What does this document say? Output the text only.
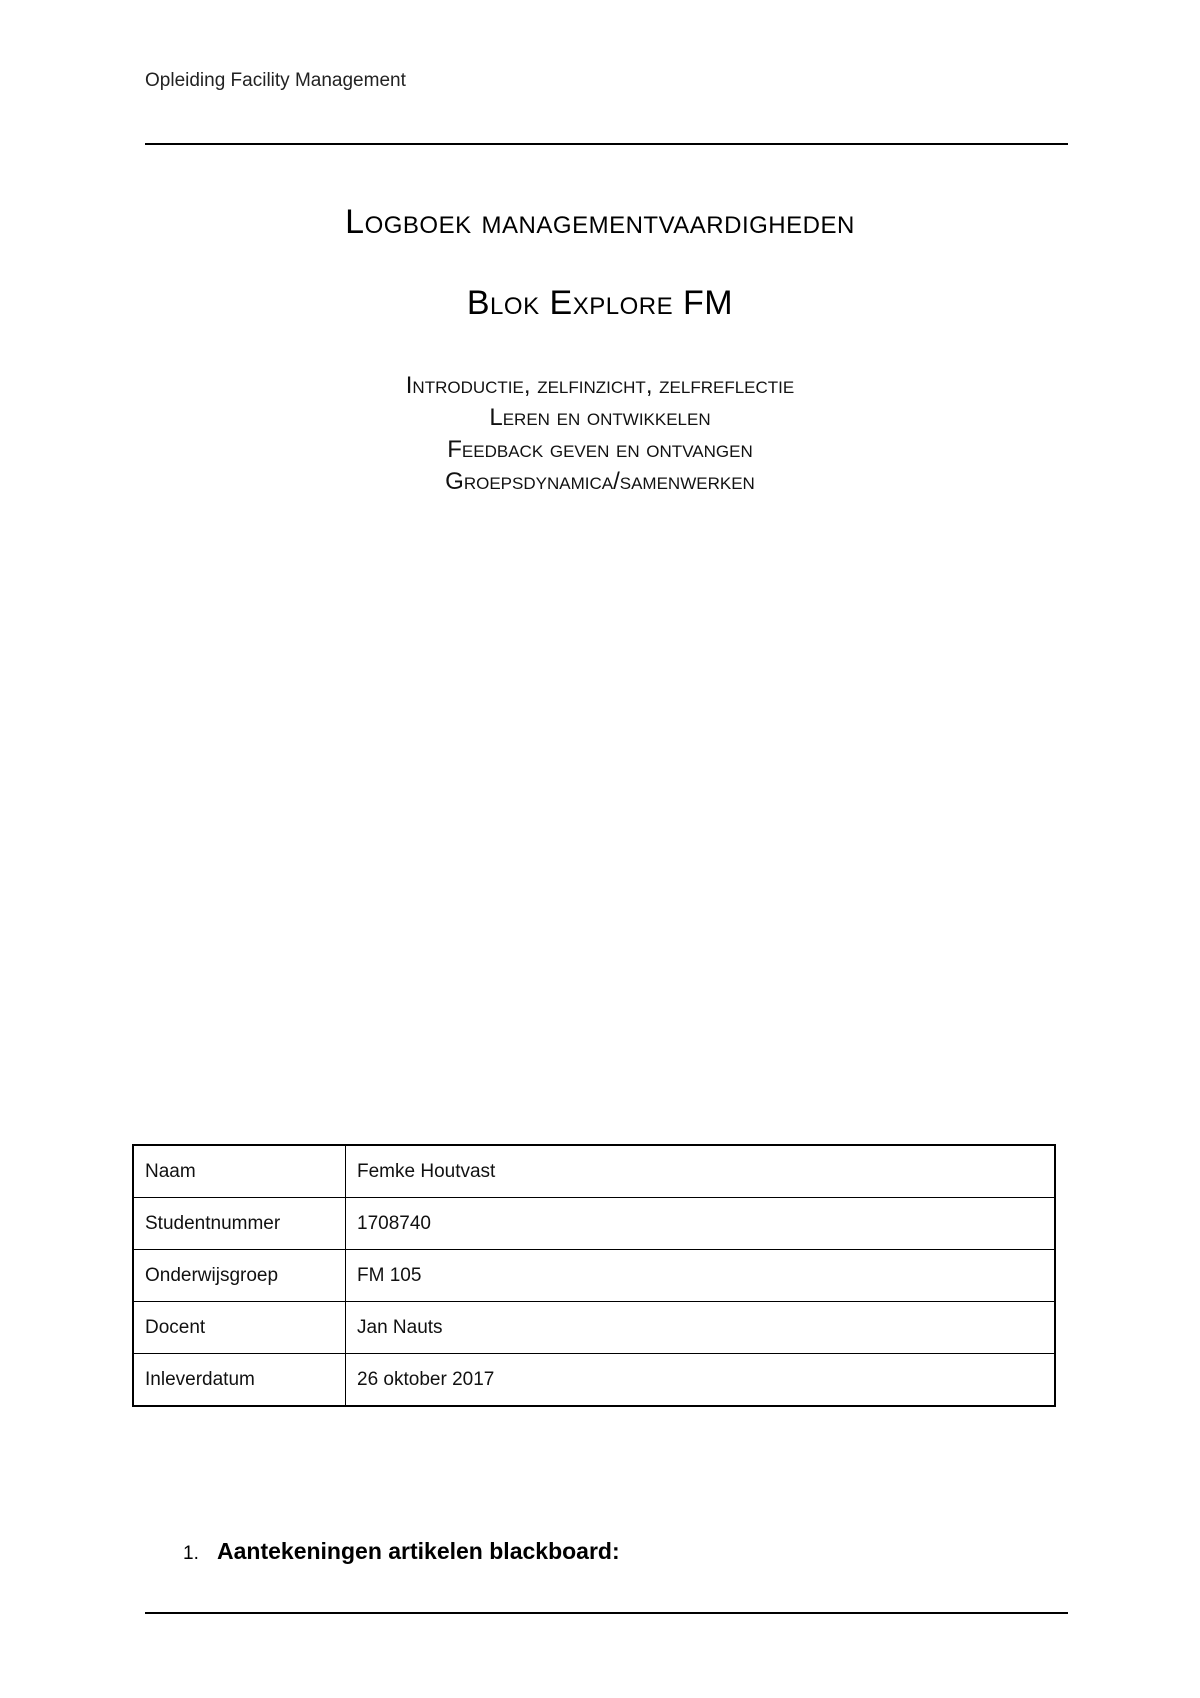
Opleiding Facility Management
Logboek managementvaardigheden
Blok Explore FM
Introductie, zelfinzicht, zelfreflectie
Leren en ontwikkelen
Feedback geven en ontvangen
Groepsdynamica/samenwerken
Naam	Femke Houtvast
Studentnummer	1708740
Onderwijsgroep	FM 105
Docent	Jan Nauts
Inleverdatum	26 oktober 2017
1. Aantekeningen artikelen blackboard:
